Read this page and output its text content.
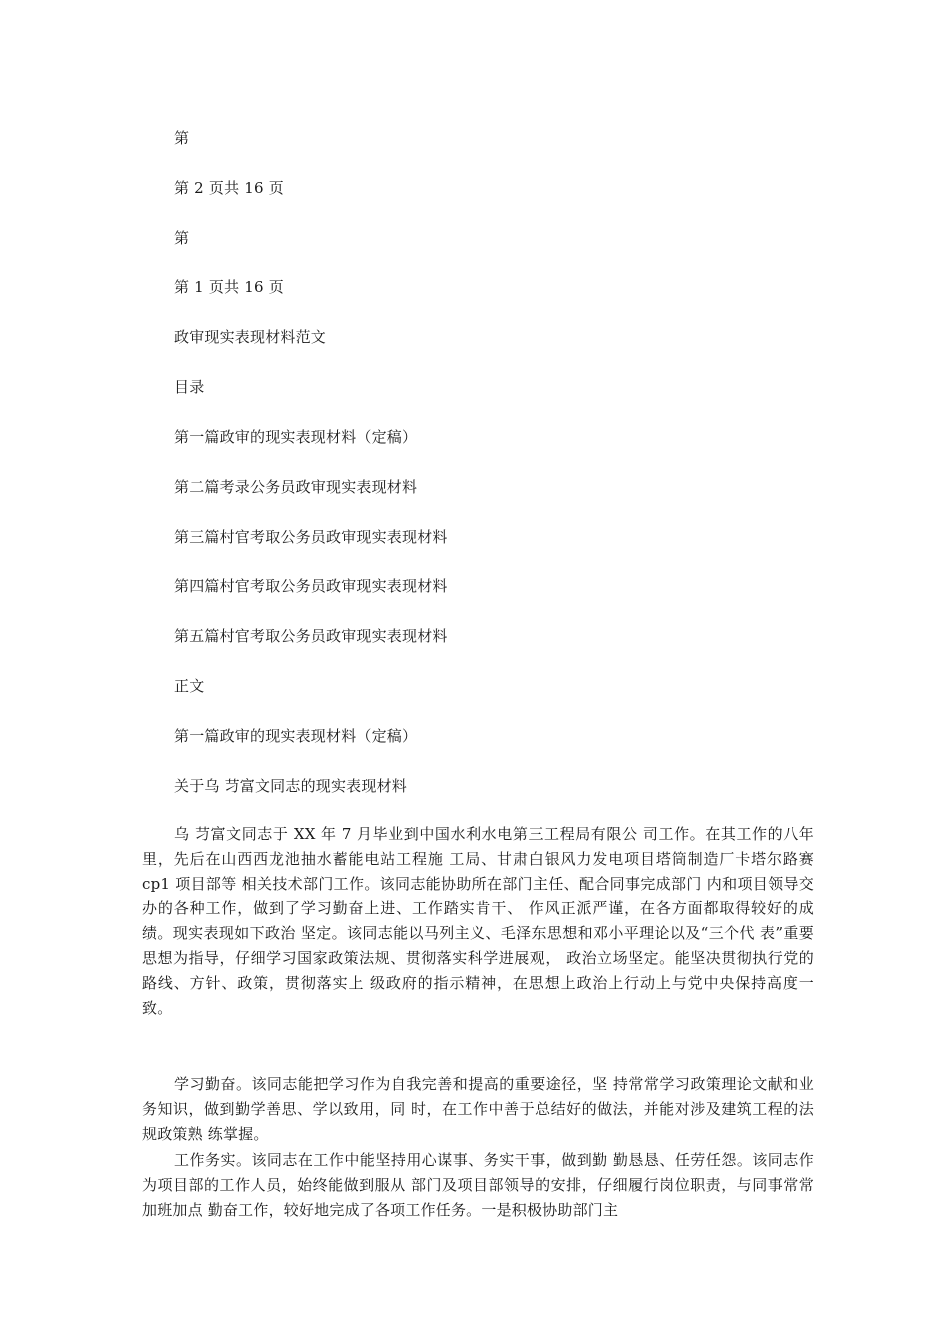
第
第 2 页共 16 页
第
第 1 页共 16 页
政审现实表现材料范文
目录
第一篇政审的现实表现材料（定稿）
第二篇考录公务员政审现实表现材料
第三篇村官考取公务员政审现实表现材料
第四篇村官考取公务员政审现实表现材料
第五篇村官考取公务员政审现实表现材料
正文
第一篇政审的现实表现材料（定稿）
关于乌 䒒富文同志的现实表现材料
乌 䒒富文同志于 XX 年 7 月毕业到中国水利水电第三工程局有限公 司工作。在其工作的八年里，先后在山西西龙池抽水蓄能电站工程施 工局、甘肃白银风力发电项目塔筒制造厂卡塔尔路赛 cp1 项目部等 相关技术部门工作。该同志能协助所在部门主任、配合同事完成部门 内和项目领导交办的各种工作，做到了学习勤奋上进、工作踏实肯干、 作风正派严谨，在各方面都取得较好的成绩。现实表现如下政治 坚定。该同志能以马列主义、毛泽东思想和邓小平理论以及“三个代 表”重要思想为指导，仔细学习国家政策法规、贯彻落实科学进展观， 政治立场坚定。能坚决贯彻执行党的路线、方针、政策，贯彻落实上 级政府的指示精神，在思想上政治上行动上与党中央保持高度一致。
学习勤奋。该同志能把学习作为自我完善和提高的重要途径，坚 持常常学习政策理论文献和业务知识，做到勤学善思、学以致用，同 时，在工作中善于总结好的做法，并能对涉及建筑工程的法规政策熟 练掌握。
工作务实。该同志在工作中能坚持用心谋事、务实干事，做到勤 勤恳恳、任劳任怨。该同志作为项目部的工作人员，始终能做到服从 部门及项目部领导的安排，仔细履行岗位职责，与同事常常加班加点 勤奋工作，较好地完成了各项工作任务。一是积极协助部门主
